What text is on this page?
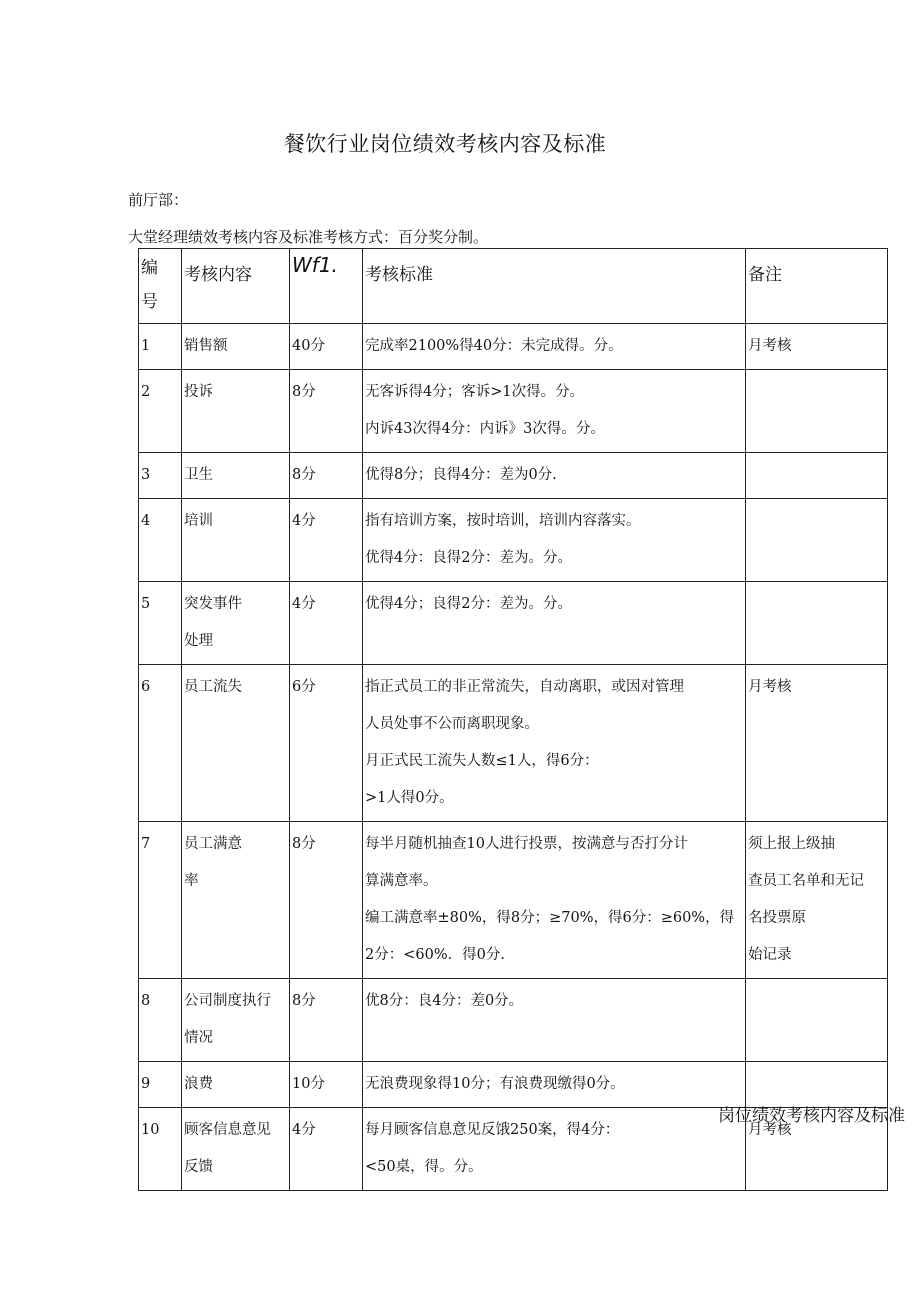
餐饮行业岗位绩效考核内容及标准
前厅部：
大堂经理绩效考核内容及标准考核方式：百分奖分制。
编
号	考核内容	Wf1.	考核标准	备注
1	销售额	40分	完成率2100%得40分：未完成得。分。	月考核

2	投诉	8分	无客诉得4分；客诉>1次得。分。
内诉43次得4分：内诉》3次得。分。	

3	卫生	8分	优得8分；良得4分：差为0分.	

4	培训	4分	指有培训方案，按时培训，培训内容落实。
优得4分：良得2分：差为。分。	

5	突发事件
处理	4分	优得4分；良得2分：差为。分。	

6	员工流失	6分	指正式员工的非正常流失，自动离职，或因对管理
人员处事不公而离职现象。
月正式民工流失人数≤1人，得6分：
>1人得0分。	月考核

7	员工满意
率	8分	每半月随机抽查10人进行投票，按满意与否打分计
算满意率。
编工满意率±80%，得8分；≥70%，得6分：≥60%，得
2分：<60%．得0分.	须上报上级抽
查员工名单和无记
名投票原
始记录

8	公司制度执行
情况	8分	优8分：良4分：差0分。	

9	浪费	10分	无浪费现象得10分；有浪费现缴得0分。	

10	顾客信息意见
反馈	4分	每月顾客信息意见反饿250案，得4分：
<50桌，得。分。	月考核
岗位绩效考核内容及标准
